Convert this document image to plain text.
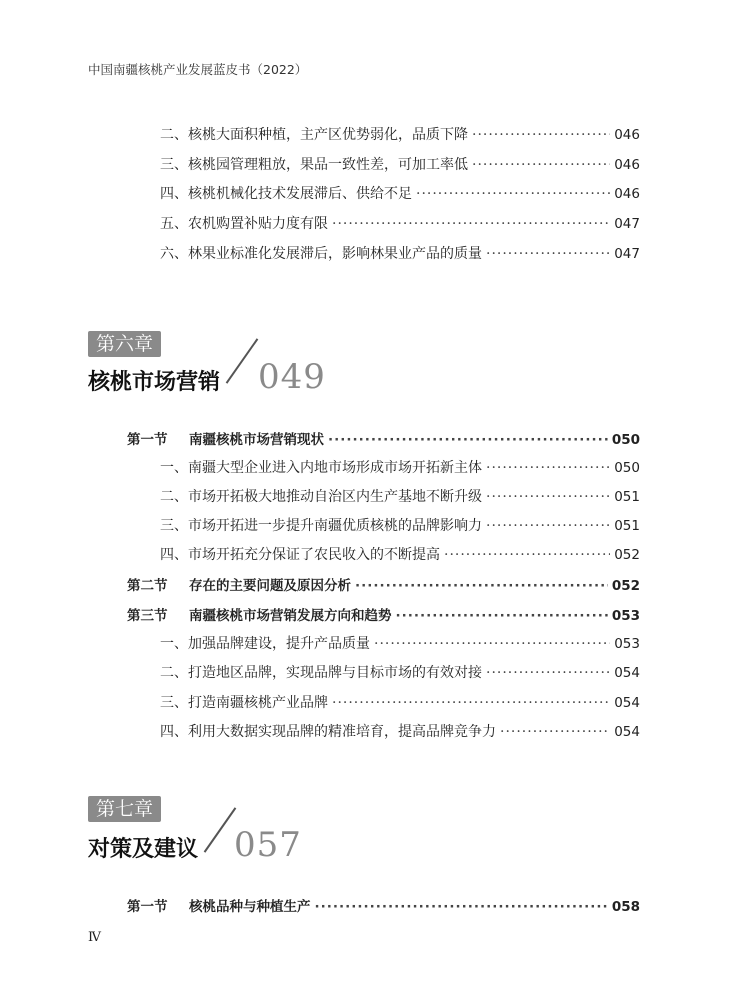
中国南疆核桃产业发展蓝皮书（2022）
二、核桃大面积种植，主产区优势弱化，品质下降 ·····	046
三、核桃园管理粗放，果品一致性差，可加工率低 ·····	046
四、核桃机械化技术发展滞后、供给不足 ·····	046
五、农机购置补贴力度有限 ·····	047
六、林果业标准化发展滞后，影响林果业产品的质量 ·····	047
第六章
核桃市场营销 049
第一节 南疆核桃市场营销现状 ·····	050
一、南疆大型企业进入内地市场形成市场开拓新主体 ·····	050
二、市场开拓极大地推动自治区内生产基地不断升级 ·····	051
三、市场开拓进一步提升南疆优质核桃的品牌影响力 ·····	051
四、市场开拓充分保证了农民收入的不断提高 ·····	052
第二节 存在的主要问题及原因分析 ·····	052
第三节 南疆核桃市场营销发展方向和趋势 ·····	053
一、加强品牌建设，提升产品质量 ·····	053
二、打造地区品牌，实现品牌与目标市场的有效对接 ·····	054
三、打造南疆核桃产业品牌 ·····	054
四、利用大数据实现品牌的精准培育，提高品牌竞争力 ·····	054
第七章
对策及建议 057
第一节 核桃品种与种植生产 ·····	058
Ⅳ
